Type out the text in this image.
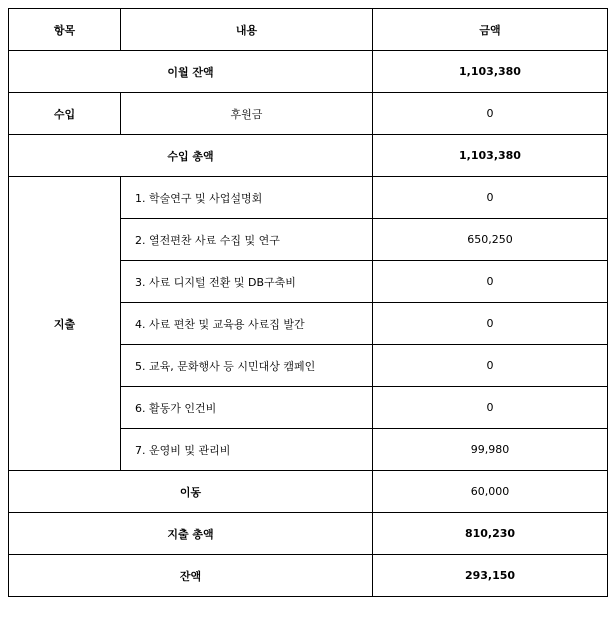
항목	내용	금액
이월 잔액		1,103,380
수입	후원금	0
수입 총액		1,103,380
지출	1. 학술연구 및 사업설명회	0
	2. 열전편찬 사료 수집 및 연구	650,250
	3. 사료 디지털 전환 및 DB구축비	0
	4. 사료 편찬 및 교육용 사료집 발간	0
	5. 교육, 문화행사 등 시민대상 캠페인	0
	6. 활동가 인건비	0
	7. 운영비 및 관리비	99,980
이동		60,000
지출 총액		810,230
잔액		293,150
